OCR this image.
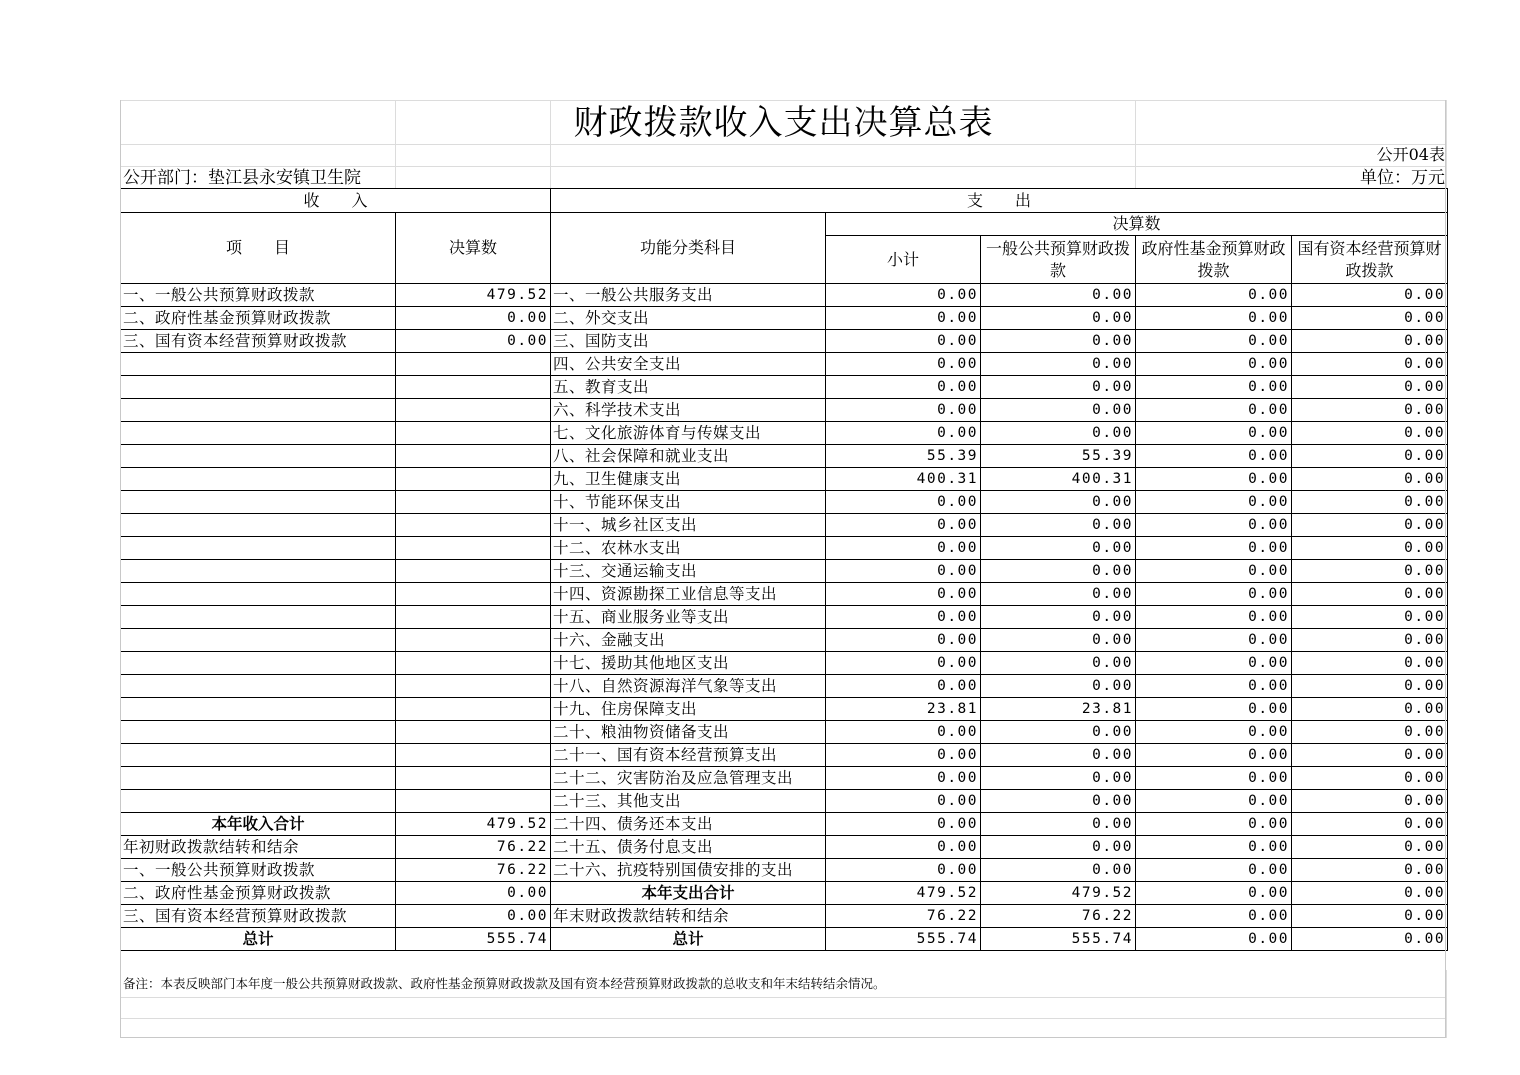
财政拨款收入支出决算总表
公开04表
公开部门：垫江县永安镇卫生院	单位：万元
收　　入		支　　出				
项　　目	决算数	功能分类科目	决算数			
			小计	一般公共预算财政拨款	政府性基金预算财政拨款	国有资本经营预算财政拨款
一、一般公共预算财政拨款	479.52	一、一般公共服务支出	0.00	0.00	0.00	0.00
二、政府性基金预算财政拨款	0.00	二、外交支出	0.00	0.00	0.00	0.00
三、国有资本经营预算财政拨款	0.00	三、国防支出	0.00	0.00	0.00	0.00
		四、公共安全支出	0.00	0.00	0.00	0.00
		五、教育支出	0.00	0.00	0.00	0.00
		六、科学技术支出	0.00	0.00	0.00	0.00
		七、文化旅游体育与传媒支出	0.00	0.00	0.00	0.00
		八、社会保障和就业支出	55.39	55.39	0.00	0.00
		九、卫生健康支出	400.31	400.31	0.00	0.00
		十、节能环保支出	0.00	0.00	0.00	0.00
		十一、城乡社区支出	0.00	0.00	0.00	0.00
		十二、农林水支出	0.00	0.00	0.00	0.00
		十三、交通运输支出	0.00	0.00	0.00	0.00
		十四、资源勘探工业信息等支出	0.00	0.00	0.00	0.00
		十五、商业服务业等支出	0.00	0.00	0.00	0.00
		十六、金融支出	0.00	0.00	0.00	0.00
		十七、援助其他地区支出	0.00	0.00	0.00	0.00
		十八、自然资源海洋气象等支出	0.00	0.00	0.00	0.00
		十九、住房保障支出	23.81	23.81	0.00	0.00
		二十、粮油物资储备支出	0.00	0.00	0.00	0.00
		二十一、国有资本经营预算支出	0.00	0.00	0.00	0.00
		二十二、灾害防治及应急管理支出	0.00	0.00	0.00	0.00
		二十三、其他支出	0.00	0.00	0.00	0.00
本年收入合计	479.52	二十四、债务还本支出	0.00	0.00	0.00	0.00
年初财政拨款结转和结余	76.22	二十五、债务付息支出	0.00	0.00	0.00	0.00
一、一般公共预算财政拨款	76.22	二十六、抗疫特别国债安排的支出	0.00	0.00	0.00	0.00
二、政府性基金预算财政拨款	0.00	本年支出合计	479.52	479.52	0.00	0.00
三、国有资本经营预算财政拨款	0.00	年末财政拨款结转和结余	76.22	76.22	0.00	0.00
总计	555.74	总计	555.74	555.74	0.00	0.00
备注：本表反映部门本年度一般公共预算财政拨款、政府性基金预算财政拨款及国有资本经营预算财政拨款的总收支和年末结转结余情况。
